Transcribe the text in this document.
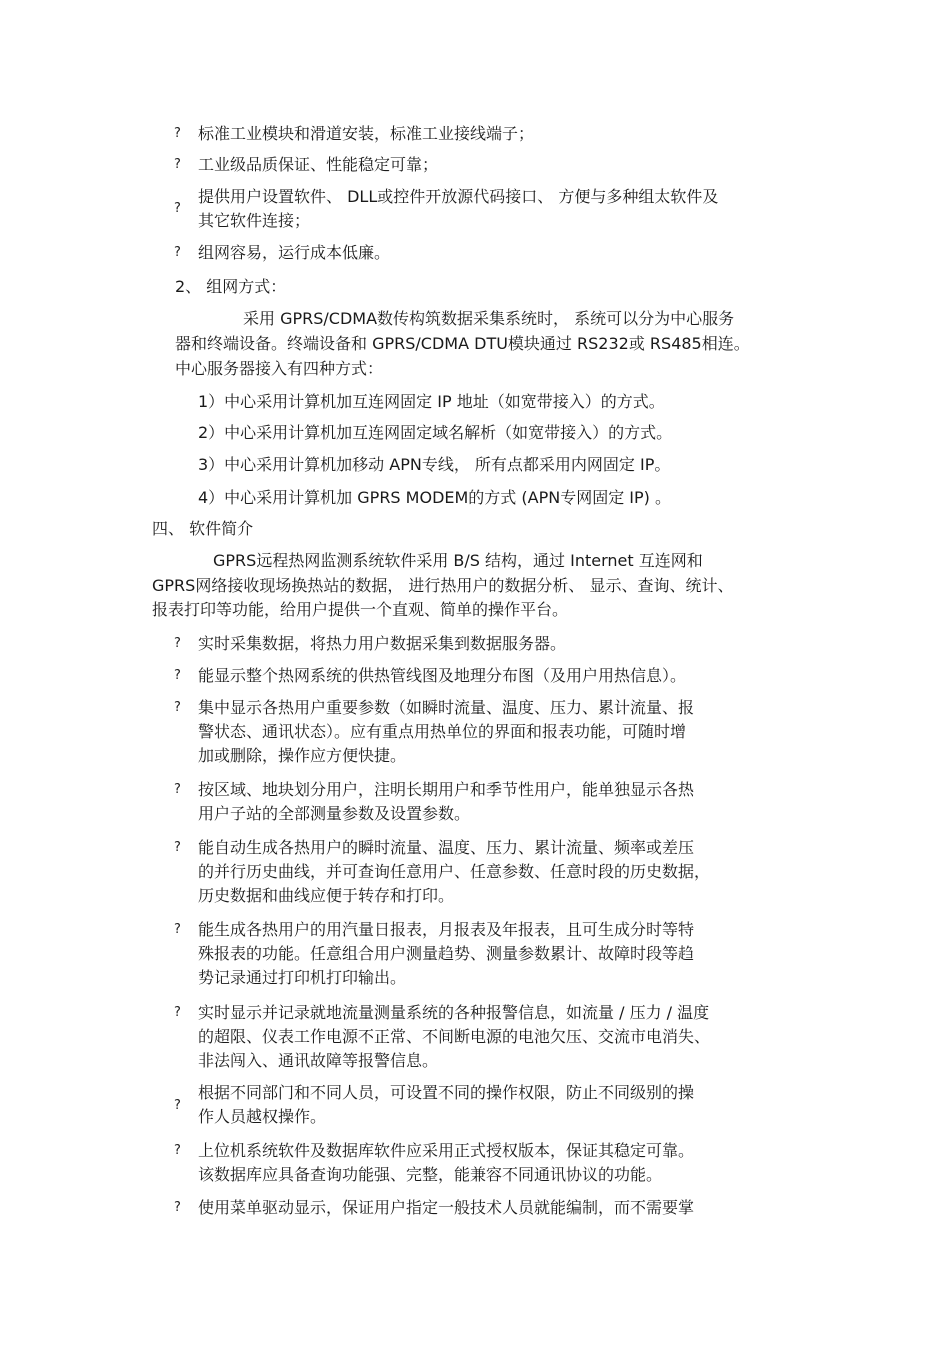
? 标准工业模块和滑道安装，标准工业接线端子；
? 工业级品质保证、性能稳定可靠；
?
提供用户设置软件、 DLL或控件开放源代码接口、 方便与多种组太软件及
其它软件连接；
? 组网容易，运行成本低廉。
2、 组网方式：
采用 GPRS/CDMA数传构筑数据采集系统时， 系统可以分为中心服务
器和终端设备。终端设备和 GPRS/CDMA DTU模块通过 RS232或 RS485相连。
中心服务器接入有四种方式：
1）中心采用计算机加互连网固定 IP 地址（如宽带接入）的方式。
2）中心采用计算机加互连网固定域名解析（如宽带接入）的方式。
3）中心采用计算机加移动 APN专线， 所有点都采用内网固定 IP。
4）中心采用计算机加 GPRS MODEM的方式 (APN专网固定 IP) 。
四、 软件简介
GPRS远程热网监测系统软件采用 B/S 结构，通过 Internet 互连网和
GPRS网络接收现场换热站的数据， 进行热用户的数据分析、 显示、查询、统计、
报表打印等功能，给用户提供一个直观、简单的操作平台。
? 实时采集数据，将热力用户数据采集到数据服务器。
? 能显示整个热网系统的供热管线图及地理分布图（及用户用热信息）。
? 集中显示各热用户重要参数（如瞬时流量、温度、压力、累计流量、报
警状态、通讯状态）。应有重点用热单位的界面和报表功能，可随时增
加或删除，操作应方便快捷。
? 按区域、地块划分用户，注明长期用户和季节性用户，能单独显示各热
用户子站的全部测量参数及设置参数。
? 能自动生成各热用户的瞬时流量、温度、压力、累计流量、频率或差压
的并行历史曲线，并可查询任意用户、任意参数、任意时段的历史数据，
历史数据和曲线应便于转存和打印。
? 能生成各热用户的用汽量日报表，月报表及年报表，且可生成分时等特
殊报表的功能。任意组合用户测量趋势、测量参数累计、故障时段等趋
势记录通过打印机打印输出。
? 实时显示并记录就地流量测量系统的各种报警信息，如流量 / 压力 / 温度
的超限、仪表工作电源不正常、不间断电源的电池欠压、交流市电消失、
非法闯入、通讯故障等报警信息。
?
根据不同部门和不同人员，可设置不同的操作权限，防止不同级别的操
作人员越权操作。
? 上位机系统软件及数据库软件应采用正式授权版本，保证其稳定可靠。
该数据库应具备查询功能强、完整，能兼容不同通讯协议的功能。
? 使用菜单驱动显示，保证用户指定一般技术人员就能编制，而不需要掌
